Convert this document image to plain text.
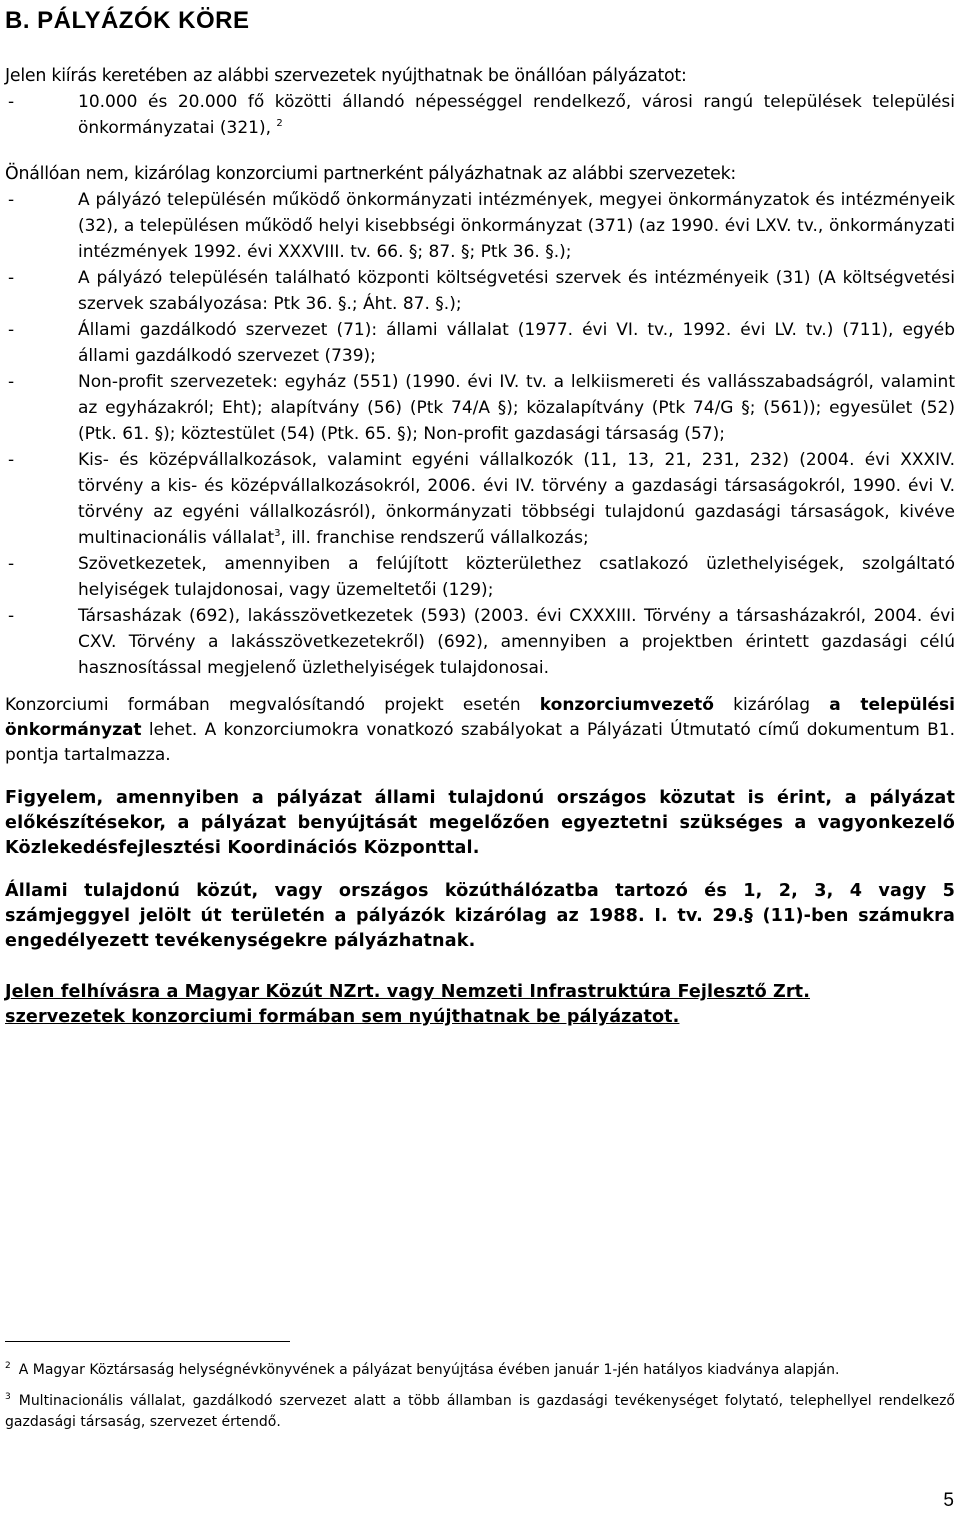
B. PÁLYÁZÓK KÖRE

Jelen kiírás keretében az alábbi szervezetek nyújthatnak be önállóan pályázatot:

-	10.000 és 20.000 fő közötti állandó népességgel rendelkező, városi rangú települések települési önkormányzatai (321), $^2$

Önállóan nem, kizárólag konzorciumi partnerként pályázhatnak az alábbi szervezetek:

-	A pályázó településén működő önkormányzati intézmények, megyei önkormányzatok és intézményeik (32), a településen működő helyi kisebbségi önkormányzat (371) (az 1990. évi LXV. tv., önkormányzati intézmények 1992. évi XXXVIII. tv. 66. §; 87. §; Ptk 36. §.);
-	A pályázó településén található központi költségvetési szervek és intézményeik (31) (A költségvetési szervek szabályozása: Ptk 36. §.; Áht. 87. §.);
-	Állami gazdálkodó szervezet (71): állami vállalat (1977. évi VI. tv., 1992. évi LV. tv.) (711), egyéb állami gazdálkodó szervezet (739);
-	Non-profit szervezetek: egyház (551) (1990. évi IV. tv. a lelkiismereti és vallásszabadságról, valamint az egyházakról; Eht); alapítvány (56) (Ptk 74/A §); közalapítvány (Ptk 74/G §; (561)); egyesület (52) (Ptk. 61. §); köztestület (54) (Ptk. 65. §); Non-profit gazdasági társaság (57);
-	Kis- és középvállalkozások, valamint egyéni vállalkozók (11, 13, 21, 231, 232) (2004. évi XXXIV. törvény a kis- és középvállalkozásokról, 2006. évi IV. törvény a gazdasági társaságokról, 1990. évi V. törvény az egyéni vállalkozásról), önkormányzati többségi tulajdonú gazdasági társaságok, kivéve multinacionális vállalat$^3$, ill. franchise rendszerű vállalkozás;
-	Szövetkezetek, amennyiben a felújított közterülethez csatlakozó üzlethelyiségek, szolgáltató helyiségek tulajdonosai, vagy üzemeltetői (129);
-	Társasházak (692), lakásszövetkezetek (593) (2003. évi CXXXIII. Törvény a társasházakról, 2004. évi CXV. Törvény a lakásszövetkezetekről) (692), amennyiben a projektben érintett gazdasági célú hasznosítással megjelenő üzlethelyiségek tulajdonosai.

Konzorciumi formában megvalósítandó projekt esetén konzorciumvezető kizárólag a települési önkormányzat lehet. A konzorciumokra vonatkozó szabályokat a Pályázati Útmutató című dokumentum B1. pontja tartalmazza.

Figyelem, amennyiben a pályázat állami tulajdonú országos közutat is érint, a pályázat előkészítésekor, a pályázat benyújtását megelőzően egyeztetni szükséges a vagyonkezelő Közlekedésfejlesztési Koordinációs Központtal.

Állami tulajdonú közút, vagy országos közúthálózatba tartozó és 1, 2, 3, 4 vagy 5 számjeggyel jelölt út területén a pályázók kizárólag az 1988. I. tv. 29.§ (11)-ben számukra engedélyezett tevékenységekre pályázhatnak.

Jelen felhívásra a Magyar Közút NZrt. vagy Nemzeti Infrastruktúra Fejlesztő Zrt.
szervezetek konzorciumi formában sem nyújthatnak be pályázatot.
$^2$ A Magyar Köztársaság helységnévkönyvének a pályázat benyújtása évében január 1-jén hatályos kiadványa alapján.
$^3$ Multinacionális vállalat, gazdálkodó szervezet alatt a több államban is gazdasági tevékenységet folytató, telephellyel rendelkező gazdasági társaság, szervezet értendő.
5
